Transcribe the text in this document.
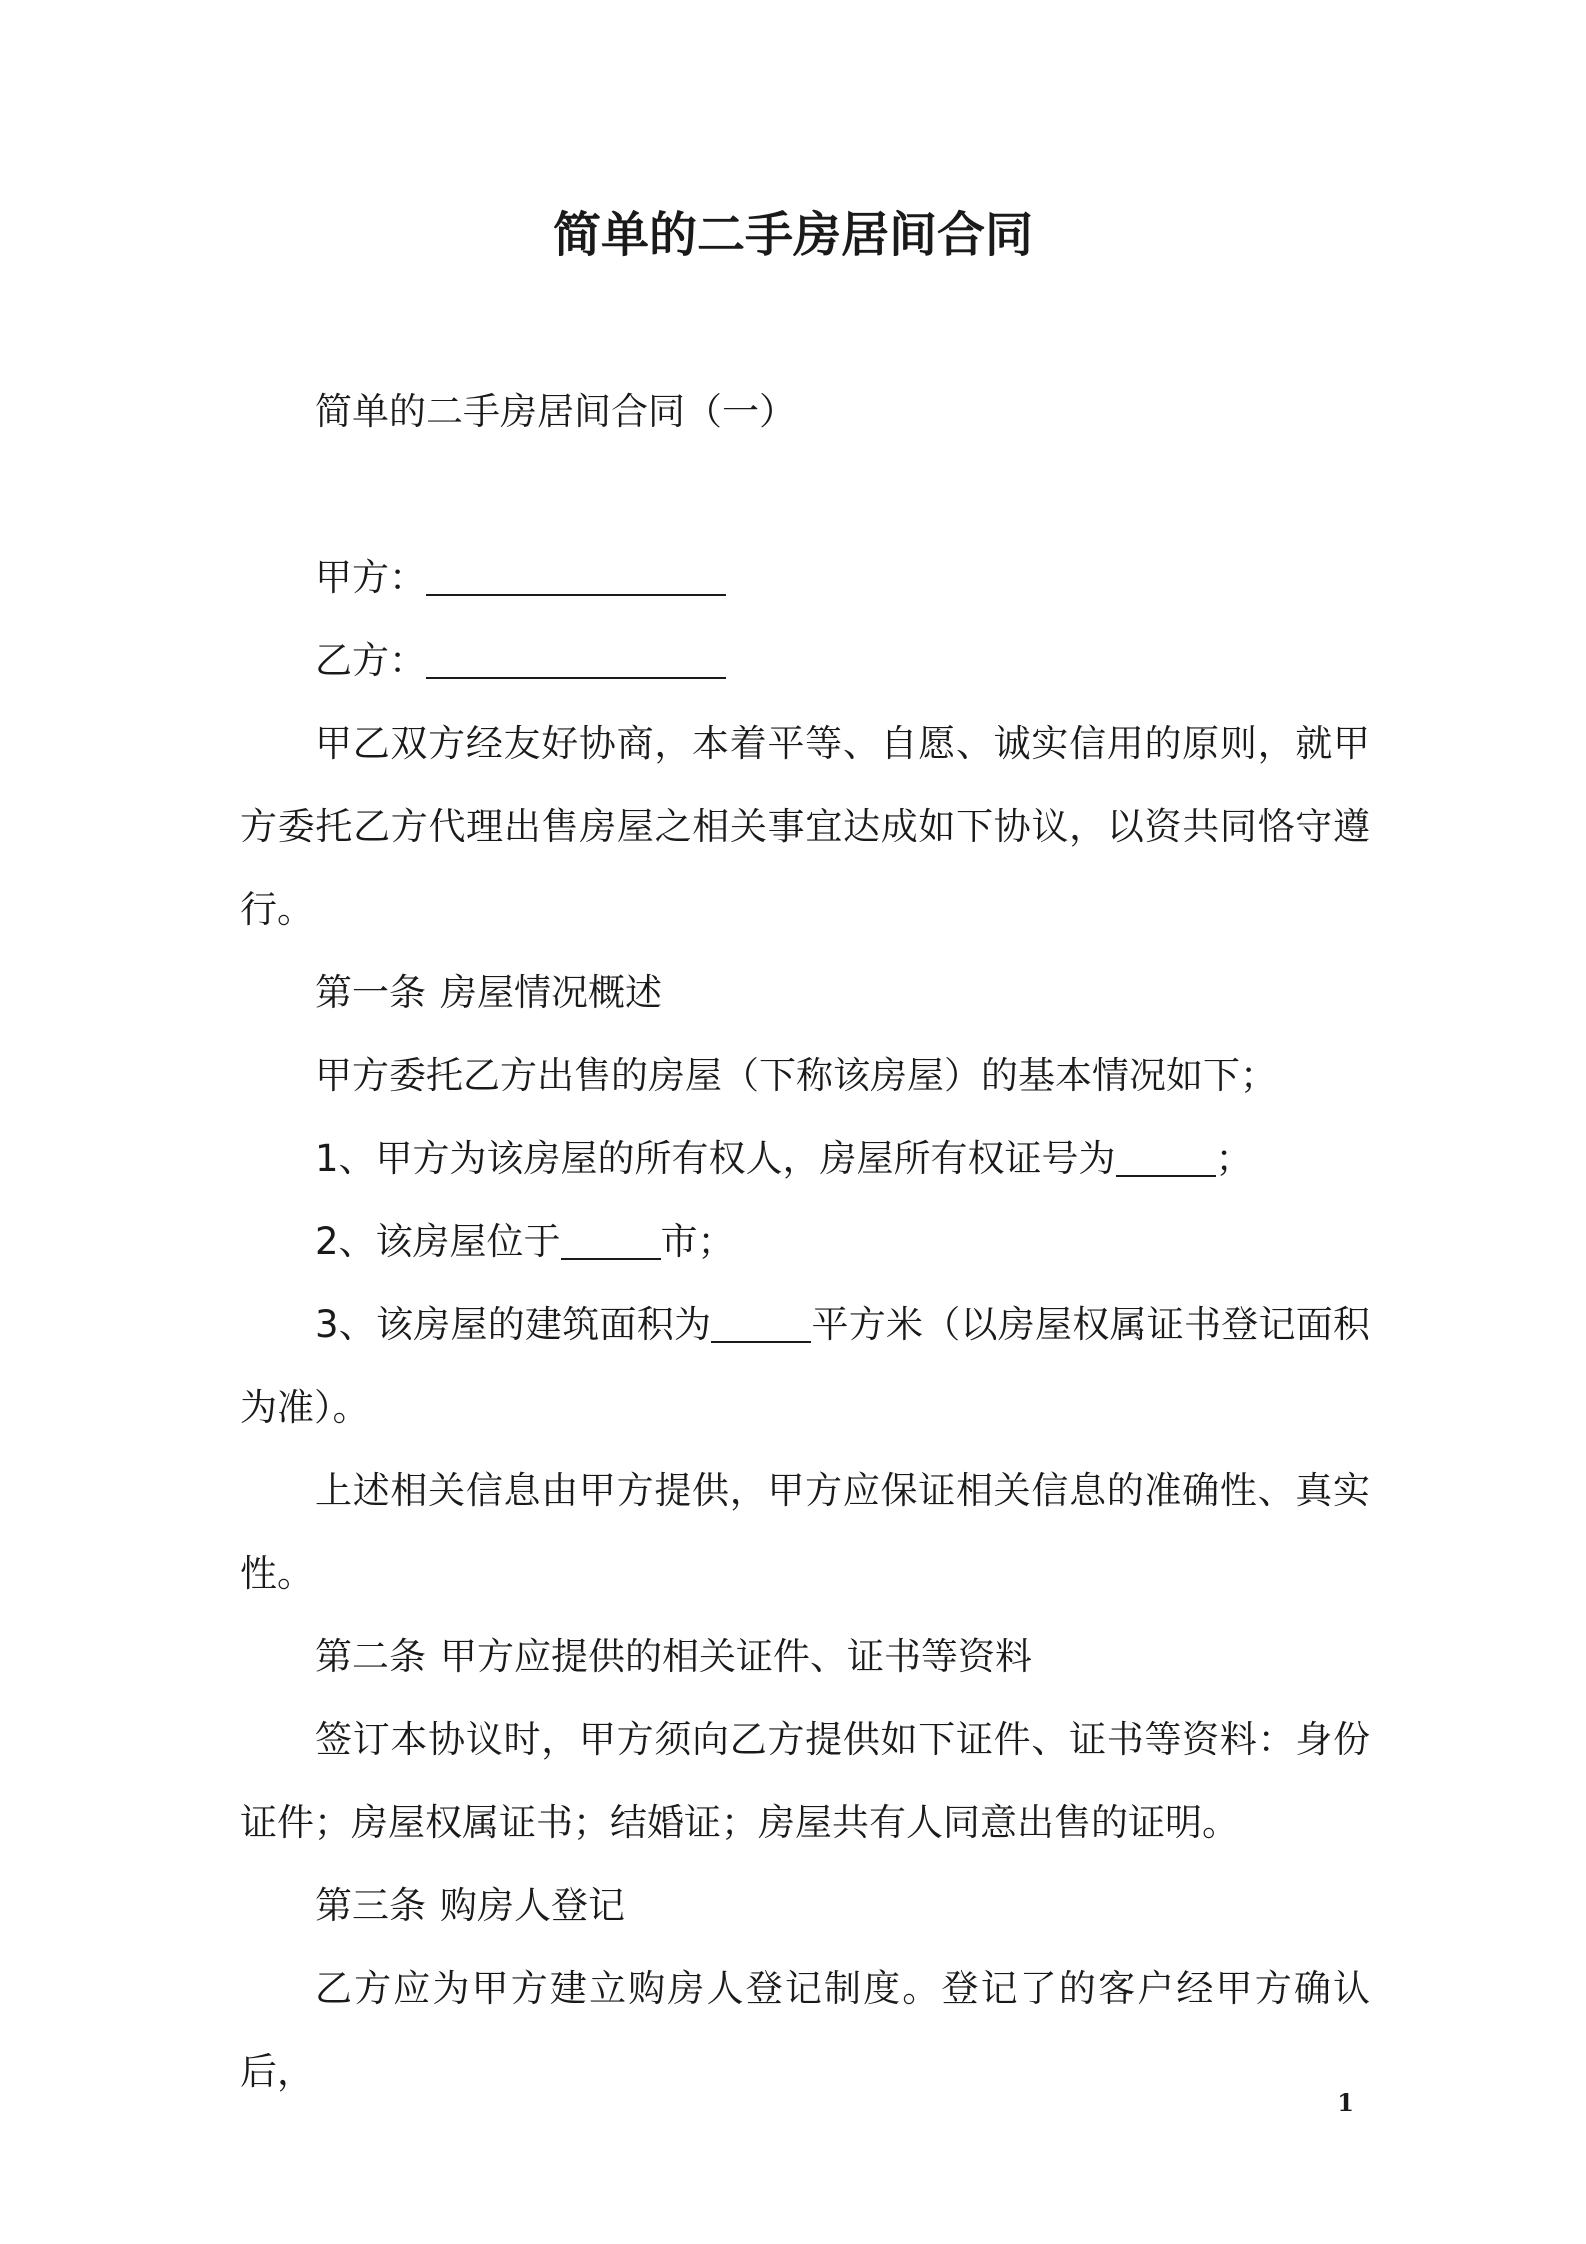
简单的二手房居间合同

简单的二手房居间合同（一）

甲方：

乙方：

甲乙双方经友好协商，本着平等、自愿、诚实信用的原则，就甲方委托乙方代理出售房屋之相关事宜达成如下协议，以资共同恪守遵行。

第一条 房屋情况概述

甲方委托乙方出售的房屋（下称该房屋）的基本情况如下；

1、甲方为该房屋的所有权人，房屋所有权证号为	；

2、该房屋位于	市；

3、该房屋的建筑面积为	平方米（以房屋权属证书登记面积为准）。

上述相关信息由甲方提供，甲方应保证相关信息的准确性、真实性。

第二条 甲方应提供的相关证件、证书等资料

签订本协议时，甲方须向乙方提供如下证件、证书等资料：身份证件；房屋权属证书；结婚证；房屋共有人同意出售的证明。

第三条 购房人登记

乙方应为甲方建立购房人登记制度。登记了的客户经甲方确认后，

1
